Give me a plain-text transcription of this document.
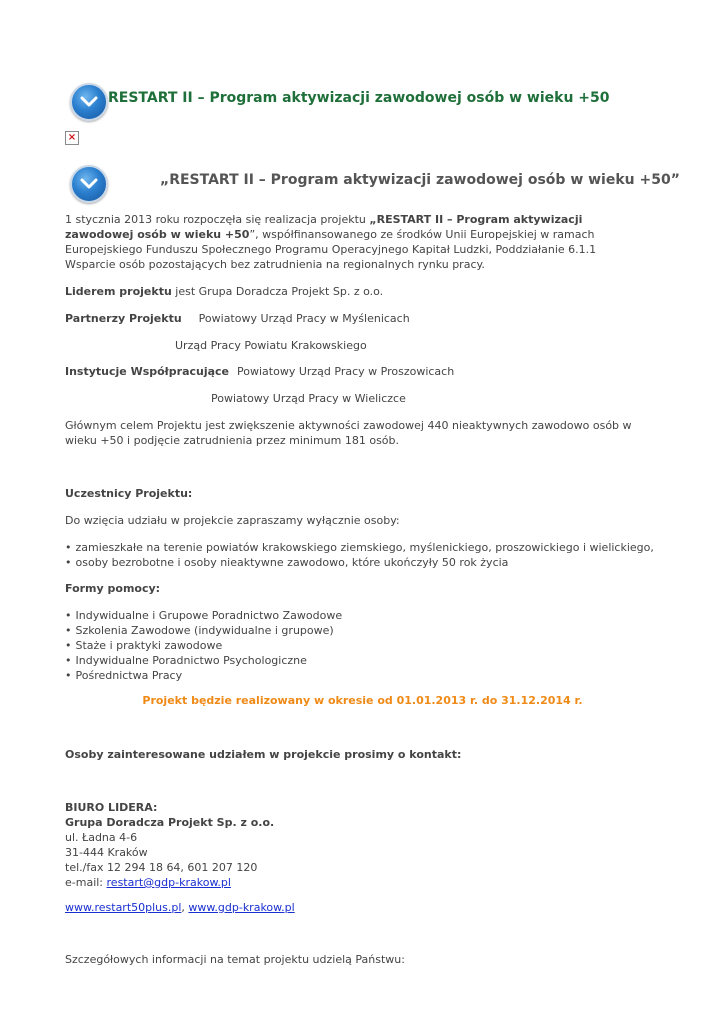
RESTART II – Program aktywizacji zawodowej osób w wieku +50
×
„RESTART II – Program aktywizacji zawodowej osób w wieku +50”
1 stycznia 2013 roku rozpoczęła się realizacja projektu „RESTART II – Program aktywizacji zawodowej osób w wieku +50”, współfinansowanego ze środków Unii Europejskiej w ramach Europejskiego Funduszu Społecznego Programu Operacyjnego Kapitał Ludzki, Poddziałanie 6.1.1 Wsparcie osób pozostających bez zatrudnienia na regionalnych rynku pracy.
Liderem projektu jest Grupa Doradcza Projekt Sp. z o.o.
Partnerzy Projektu Powiatowy Urząd Pracy w Myślenicach
Urząd Pracy Powiatu Krakowskiego
Instytucje Współpracujące Powiatowy Urząd Pracy w Proszowicach
Powiatowy Urząd Pracy w Wieliczce
Głównym celem Projektu jest zwiększenie aktywności zawodowej 440 nieaktywnych zawodowo osób w wieku +50 i podjęcie zatrudnienia przez minimum 181 osób.
Uczestnicy Projektu:
Do wzięcia udziału w projekcie zapraszamy wyłącznie osoby:
• zamieszkałe na terenie powiatów krakowskiego ziemskiego, myślenickiego, proszowickiego i wielickiego,
• osoby bezrobotne i osoby nieaktywne zawodowo, które ukończyły 50 rok życia
Formy pomocy:
• Indywidualne i Grupowe Poradnictwo Zawodowe
• Szkolenia Zawodowe (indywidualne i grupowe)
• Staże i praktyki zawodowe
• Indywidualne Poradnictwo Psychologiczne
• Pośrednictwa Pracy
Projekt będzie realizowany w okresie od 01.01.2013 r. do 31.12.2014 r.
Osoby zainteresowane udziałem w projekcie prosimy o kontakt:
BIURO LIDERA:
Grupa Doradcza Projekt Sp. z o.o.
ul. Ładna 4-6
31-444 Kraków
tel./fax 12 294 18 64, 601 207 120
e-mail: restart@gdp-krakow.pl
www.restart50plus.pl, www.gdp-krakow.pl
Szczegółowych informacji na temat projektu udzielą Państwu:
